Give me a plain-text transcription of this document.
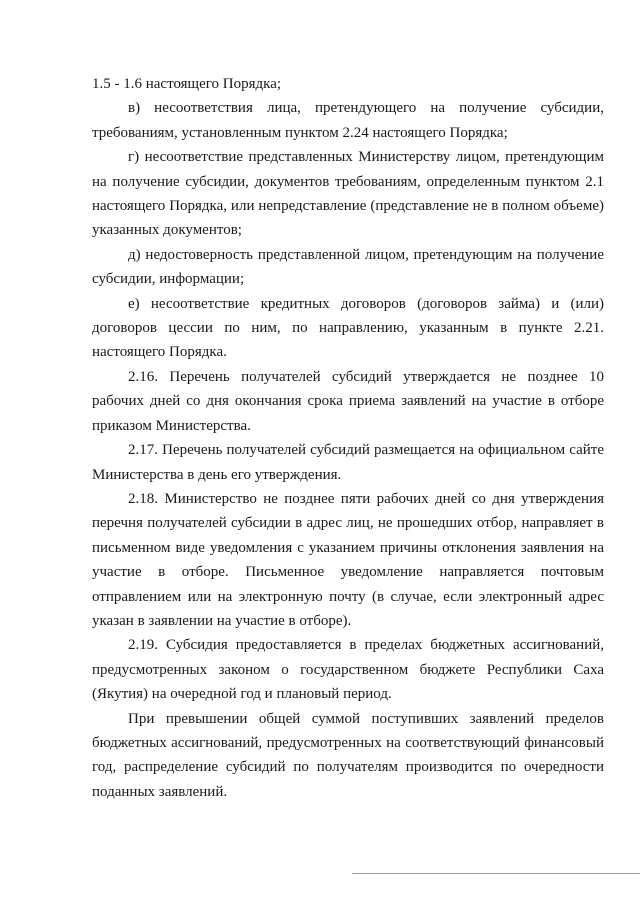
1.5 - 1.6 настоящего Порядка;

в) несоответствия лица, претендующего на получение субсидии, требованиям, установленным пунктом 2.24 настоящего Порядка;

г) несоответствие представленных Министерству лицом, претендующим на получение субсидии, документов требованиям, определенным пунктом 2.1 настоящего Порядка, или непредставление (представление не в полном объеме) указанных документов;

д) недостоверность представленной лицом, претендующим на получение субсидии, информации;

е) несоответствие кредитных договоров (договоров займа) и (или) договоров цессии по ним, по направлению, указанным в пункте 2.21. настоящего Порядка.

2.16. Перечень получателей субсидий утверждается не позднее 10 рабочих дней со дня окончания срока приема заявлений на участие в отборе приказом Министерства.

2.17. Перечень получателей субсидий размещается на официальном сайте Министерства в день его утверждения.

2.18. Министерство не позднее пяти рабочих дней со дня утверждения перечня получателей субсидии в адрес лиц, не прошедших отбор, направляет в письменном виде уведомления с указанием причины отклонения заявления на участие в отборе. Письменное уведомление направляется почтовым отправлением или на электронную почту (в случае, если электронный адрес указан в заявлении на участие в отборе).

2.19. Субсидия предоставляется в пределах бюджетных ассигнований, предусмотренных законом о государственном бюджете Республики Саха (Якутия) на очередной год и плановый период.

При превышении общей суммой поступивших заявлений пределов бюджетных ассигнований, предусмотренных на соответствующий финансовый год, распределение субсидий по получателям производится по очередности поданных заявлений.
